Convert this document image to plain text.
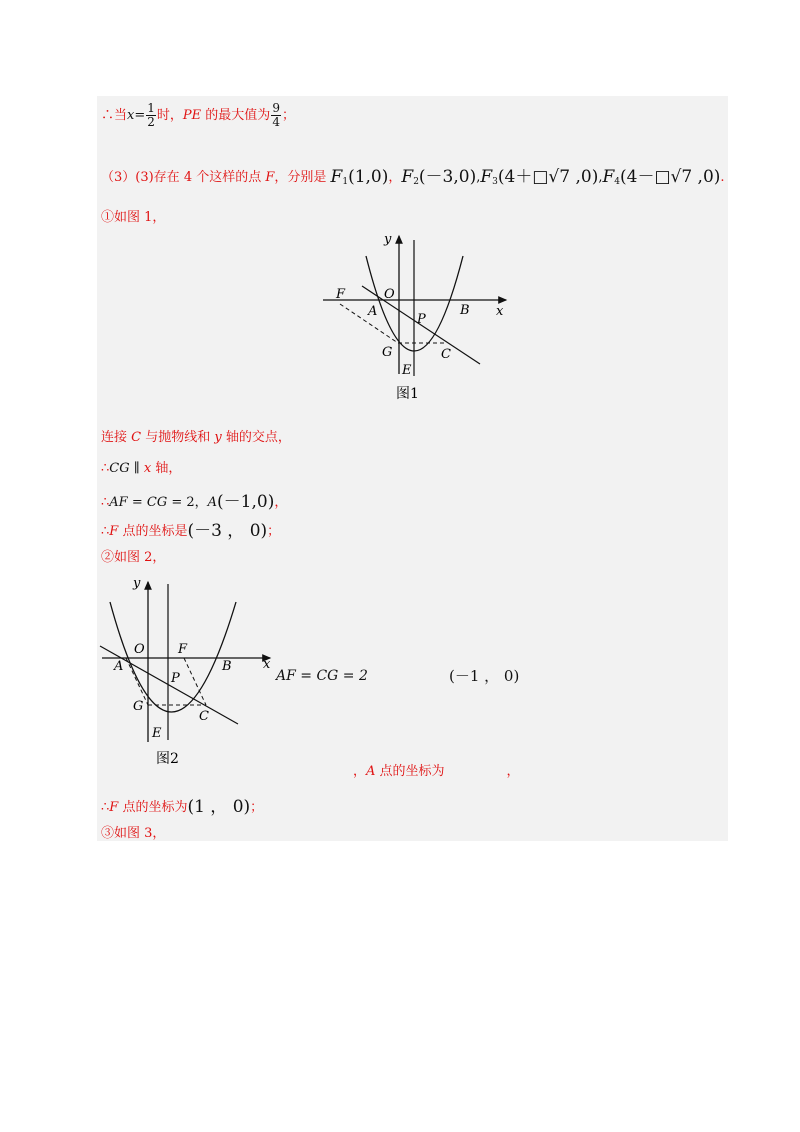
∴当$x= \frac{1}{2}$ 时，PE 的最大值为 $\frac{9}{4}$ ；
（3）(3)存在 4 个这样的点 F，分别是 $F_1(1,0)$，$F_2(-3,0),F_3(4+□√7$ $,0),F_4(4-□√7$ ,0).
①如图 1，
y
O
F
A
P
B x
G	C
E
图1
连接 C 与抛物线和 y 轴的交点，
∴CG ∥ x 轴，
∴AF = CG = 2，A(－1,0)，
∴F 点的坐标是(－3 ， 0)；
②如图 2，
y
O	F
A
P
B x
G
C
E
图2
AF = CG = 2	(－1 ， 0)
，A 点的坐标为	，
∴F 点的坐标为(1 ， 0)；
③如图 3，
